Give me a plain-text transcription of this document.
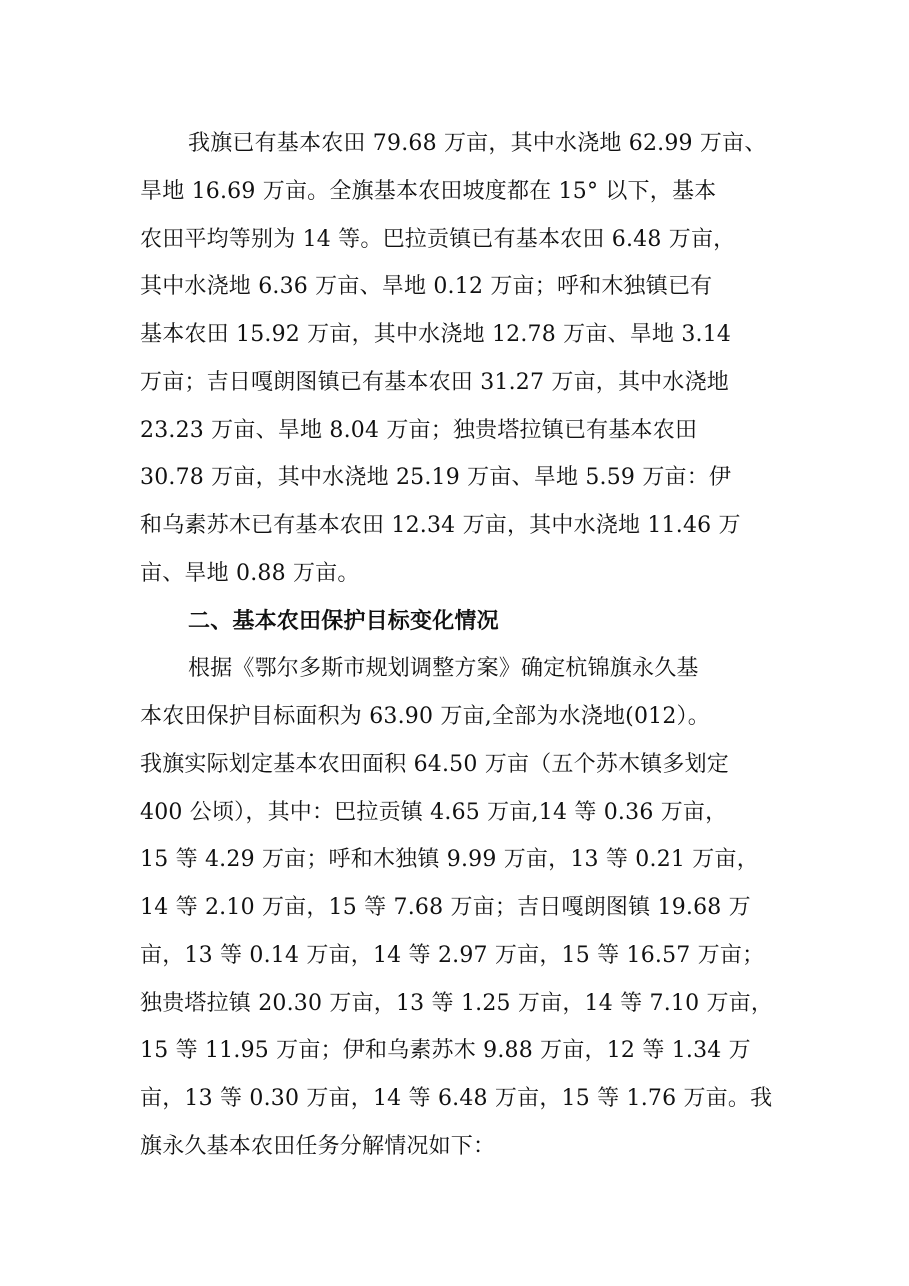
我旗已有基本农田 79.68 万亩，其中水浇地 62.99 万亩、
旱地 16.69 万亩。全旗基本农田坡度都在 15° 以下，基本
农田平均等别为 14 等。巴拉贡镇已有基本农田 6.48 万亩，
其中水浇地 6.36 万亩、旱地 0.12 万亩；呼和木独镇已有
基本农田 15.92 万亩，其中水浇地 12.78 万亩、旱地 3.14
万亩；吉日嘎朗图镇已有基本农田 31.27 万亩，其中水浇地
23.23 万亩、旱地 8.04 万亩；独贵塔拉镇已有基本农田
30.78 万亩，其中水浇地 25.19 万亩、旱地 5.59 万亩：伊
和乌素苏木已有基本农田 12.34 万亩，其中水浇地 11.46 万
亩、旱地 0.88 万亩。
二、基本农田保护目标变化情况
根据《鄂尔多斯市规划调整方案》确定杭锦旗永久基
本农田保护目标面积为 63.90 万亩,全部为水浇地(012）。
我旗实际划定基本农田面积 64.50 万亩（五个苏木镇多划定
400 公顷），其中：巴拉贡镇 4.65 万亩,14 等 0.36 万亩，
15 等 4.29 万亩；呼和木独镇 9.99 万亩，13 等 0.21 万亩，
14 等 2.10 万亩，15 等 7.68 万亩；吉日嘎朗图镇 19.68 万
亩，13 等 0.14 万亩，14 等 2.97 万亩，15 等 16.57 万亩；
独贵塔拉镇 20.30 万亩，13 等 1.25 万亩，14 等 7.10 万亩，
15 等 11.95 万亩；伊和乌素苏木 9.88 万亩，12 等 1.34 万
亩，13 等 0.30 万亩，14 等 6.48 万亩，15 等 1.76 万亩。我
旗永久基本农田任务分解情况如下：
